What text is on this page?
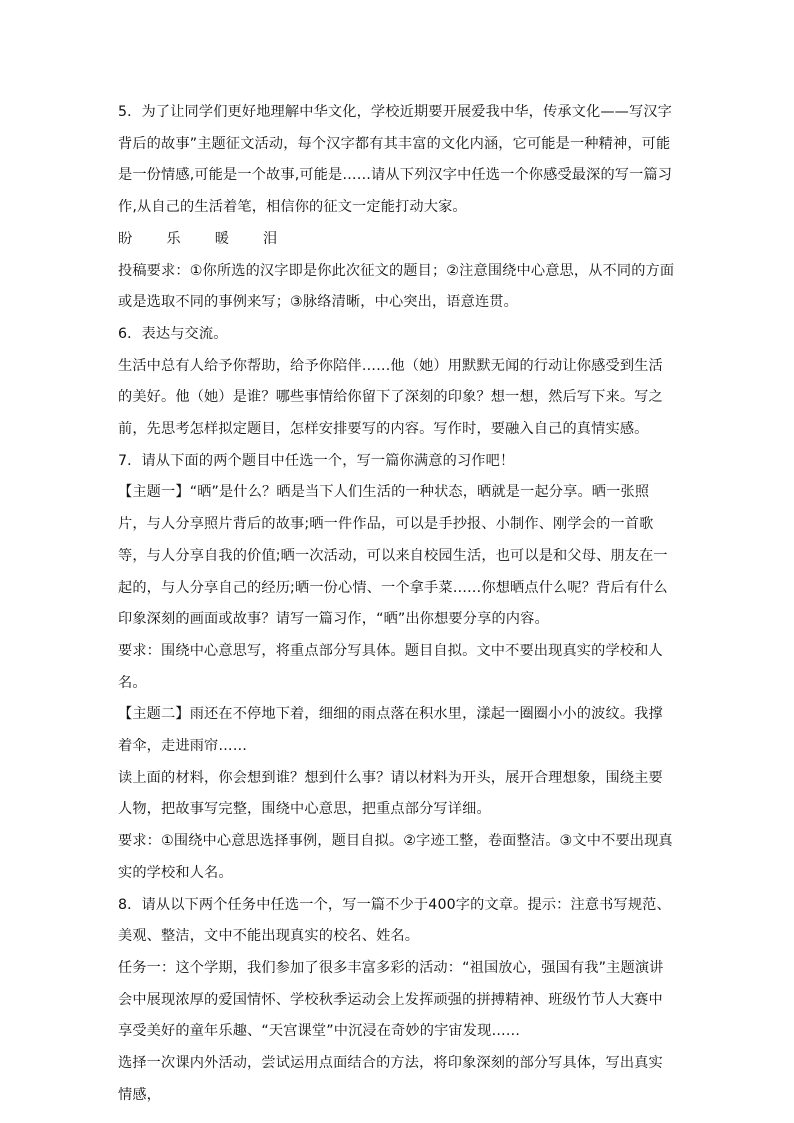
5．为了让同学们更好地理解中华文化，学校近期要开展爱我中华，传承文化——写汉字背后的故事”主题征文活动，每个汉字都有其丰富的文化内涵，它可能是一种精神，可能是一份情感,可能是一个故事,可能是……请从下列汉字中任选一个你感受最深的写一篇习作,从自己的生活着笔，相信你的征文一定能打动大家。

盼 乐 暖 泪

投稿要求：①你所选的汉字即是你此次征文的题目；②注意围绕中心意思，从不同的方面或是选取不同的事例来写；③脉络清晰，中心突出，语意连贯。

6．表达与交流。

生活中总有人给予你帮助，给予你陪伴……他（她）用默默无闻的行动让你感受到生活的美好。他（她）是谁？哪些事情给你留下了深刻的印象？想一想，然后写下来。写之前，先思考怎样拟定题目，怎样安排要写的内容。写作时，要融入自己的真情实感。

7．请从下面的两个题目中任选一个，写一篇你满意的习作吧！

【主题一】“晒”是什么？晒是当下人们生活的一种状态，晒就是一起分享。晒一张照片，与人分享照片背后的故事;晒一件作品，可以是手抄报、小制作、刚学会的一首歌等，与人分享自我的价值;晒一次活动，可以来自校园生活，也可以是和父母、朋友在一起的，与人分享自己的经历;晒一份心情、一个拿手菜……你想晒点什么呢？背后有什么印象深刻的画面或故事？请写一篇习作，“晒”出你想要分享的内容。

要求：围绕中心意思写，将重点部分写具体。题目自拟。文中不要出现真实的学校和人名。

【主题二】雨还在不停地下着，细细的雨点落在积水里，漾起一圈圈小小的波纹。我撑着伞，走进雨帘……

读上面的材料，你会想到谁？想到什么事？请以材料为开头，展开合理想象，围绕主要人物，把故事写完整，围绕中心意思，把重点部分写详细。

要求：①围绕中心意思选择事例，题目自拟。②字迹工整，卷面整洁。③文中不要出现真实的学校和人名。

8．请从以下两个任务中任选一个，写一篇不少于400字的文章。提示：注意书写规范、美观、整洁，文中不能出现真实的校名、姓名。

任务一：这个学期，我们参加了很多丰富多彩的活动：“祖国放心，强国有我”主题演讲会中展现浓厚的爱国情怀、学校秋季运动会上发挥顽强的拼搏精神、班级竹节人大赛中享受美好的童年乐趣、“天宫课堂”中沉浸在奇妙的宇宙发现……

选择一次课内外活动，尝试运用点面结合的方法，将印象深刻的部分写具体，写出真实情感，
